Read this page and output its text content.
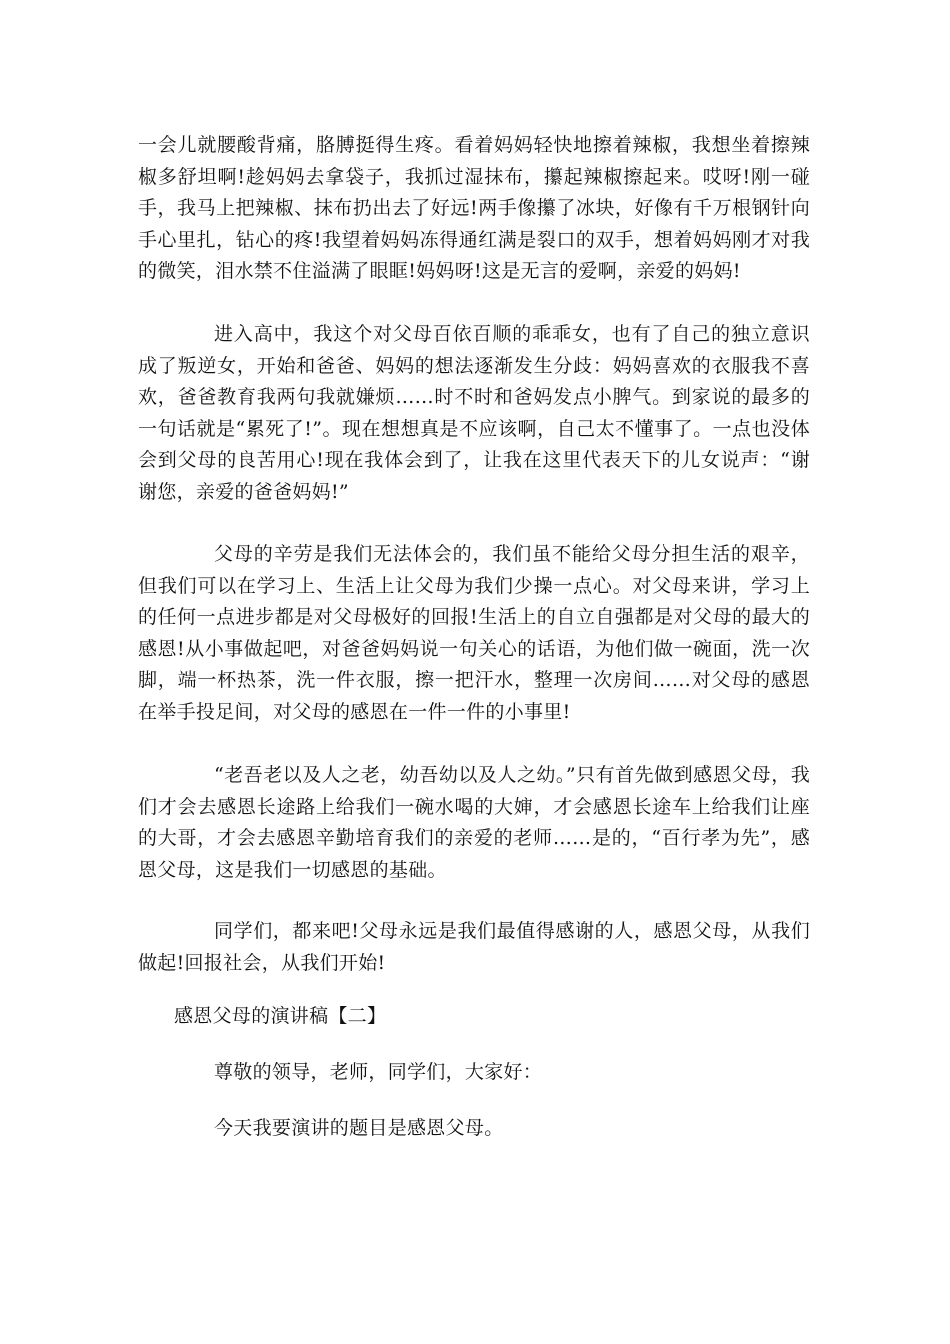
一会儿就腰酸背痛，胳膊挺得生疼。看着妈妈轻快地擦着辣椒，我想坐着擦辣椒多舒坦啊!趁妈妈去拿袋子，我抓过湿抹布，攥起辣椒擦起来。哎呀!刚一碰手，我马上把辣椒、抹布扔出去了好远!两手像攥了冰块，好像有千万根钢针向手心里扎，钻心的疼!我望着妈妈冻得通红满是裂口的双手，想着妈妈刚才对我的微笑，泪水禁不住溢满了眼眶!妈妈呀!这是无言的爱啊，亲爱的妈妈!

进入高中，我这个对父母百依百顺的乖乖女，也有了自己的独立意识成了叛逆女，开始和爸爸、妈妈的想法逐渐发生分歧：妈妈喜欢的衣服我不喜欢，爸爸教育我两句我就嫌烦……时不时和爸妈发点小脾气。到家说的最多的一句话就是“累死了!”。现在想想真是不应该啊，自己太不懂事了。一点也没体会到父母的良苦用心!现在我体会到了，让我在这里代表天下的儿女说声：“谢谢您，亲爱的爸爸妈妈!”

父母的辛劳是我们无法体会的，我们虽不能给父母分担生活的艰辛，但我们可以在学习上、生活上让父母为我们少操一点心。对父母来讲，学习上的任何一点进步都是对父母极好的回报!生活上的自立自强都是对父母的最大的感恩!从小事做起吧，对爸爸妈妈说一句关心的话语，为他们做一碗面，洗一次脚，端一杯热茶，洗一件衣服，擦一把汗水，整理一次房间……对父母的感恩在举手投足间，对父母的感恩在一件一件的小事里!

“老吾老以及人之老，幼吾幼以及人之幼。”只有首先做到感恩父母，我们才会去感恩长途路上给我们一碗水喝的大婶，才会感恩长途车上给我们让座的大哥，才会去感恩辛勤培育我们的亲爱的老师……是的，“百行孝为先”，感恩父母，这是我们一切感恩的基础。

同学们，都来吧!父母永远是我们最值得感谢的人，感恩父母，从我们做起!回报社会，从我们开始!

感恩父母的演讲稿【二】

尊敬的领导，老师，同学们，大家好：

今天我要演讲的题目是感恩父母。
